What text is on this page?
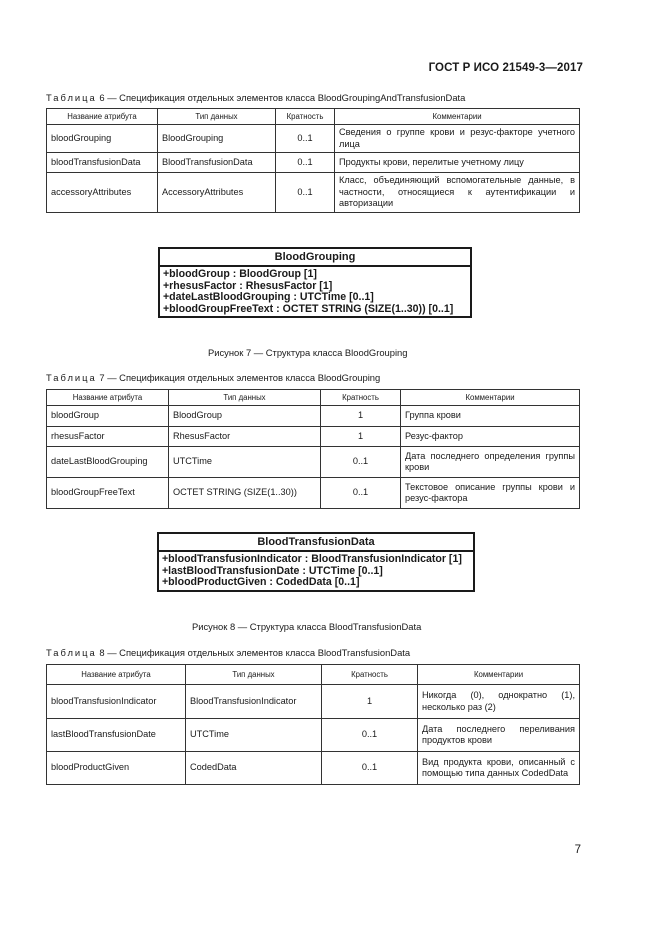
ГОСТ Р ИСО 21549-3—2017
Таблица 6 — Спецификация отдельных элементов класса BloodGroupingAndTransfusionData
Название атрибута	Тип данных	Кратность	Комментарии
bloodGrouping	BloodGrouping	0..1	Сведения о группе крови и резус-факторе учетного лица
bloodTransfusionData	BloodTransfusionData	0..1	Продукты крови, перелитые учетному лицу
accessoryAttributes	AccessoryAttributes	0..1	Класс, объединяющий вспомогательные данные, в частности, относящиеся к аутентификации и авторизации
BloodGrouping
+bloodGroup : BloodGroup [1]
+rhesusFactor : RhesusFactor [1]
+dateLastBloodGrouping : UTCTime [0..1]
+bloodGroupFreeText : OCTET STRING (SIZE(1..30)) [0..1]
Рисунок 7 — Структура класса BloodGrouping
Таблица 7 — Спецификация отдельных элементов класса BloodGrouping
Название атрибута	Тип данных	Кратность	Комментарии
bloodGroup	BloodGroup	1	Группа крови
rhesusFactor	RhesusFactor	1	Резус-фактор
dateLastBloodGrouping	UTCTime	0..1	Дата последнего определения группы крови
bloodGroupFreeText	OCTET STRING (SIZE(1..30))	0..1	Текстовое описание группы крови и резус-фактора
BloodTransfusionData
+bloodTransfusionIndicator : BloodTransfusionIndicator [1]
+lastBloodTransfusionDate : UTCTime [0..1]
+bloodProductGiven : CodedData [0..1]
Рисунок 8 — Структура класса BloodTransfusionData
Таблица 8 — Спецификация отдельных элементов класса BloodTransfusionData
Название атрибута	Тип данных	Кратность	Комментарии
bloodTransfusionIndicator	BloodTransfusionIndicator	1	Никогда (0), однократно (1), несколько раз (2)
lastBloodTransfusionDate	UTCTime	0..1	Дата последнего переливания продуктов крови
bloodProductGiven	CodedData	0..1	Вид продукта крови, описанный с помощью типа данных CodedData
7
